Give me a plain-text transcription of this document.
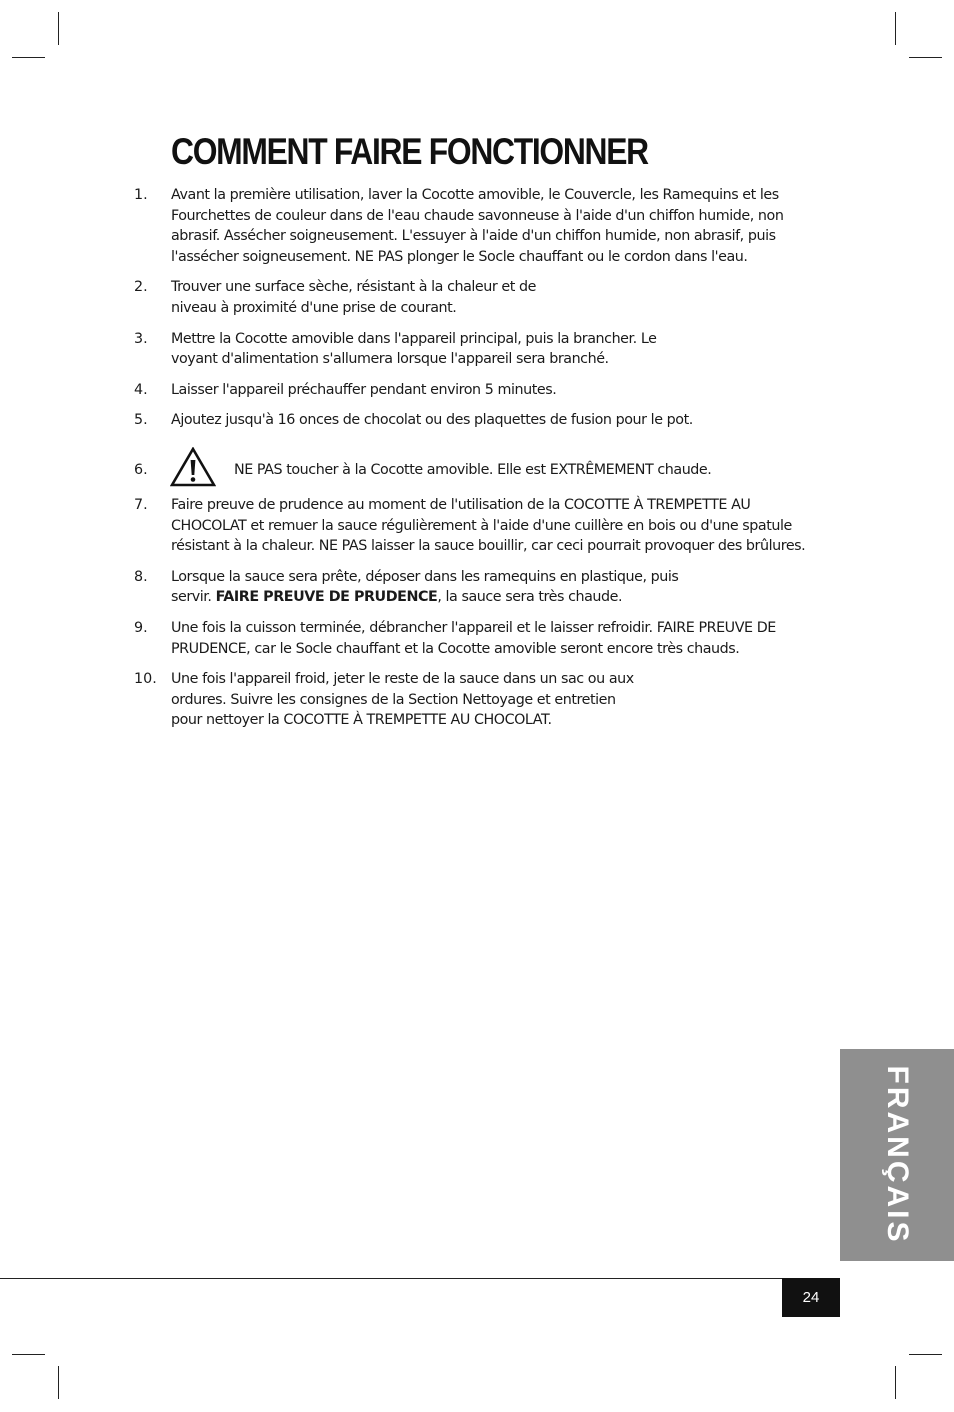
COMMENT FAIRE FONCTIONNER
1. Avant la première utilisation, laver la Cocotte amovible, le Couvercle, les Ramequins et les
Fourchettes de couleur dans de l'eau chaude savonneuse à l'aide d'un chiffon humide, non
abrasif. Assécher soigneusement. L'essuyer à l'aide d'un chiffon humide, non abrasif, puis
l'assécher soigneusement. NE PAS plonger le Socle chauffant ou le cordon dans l'eau.
2. Trouver une surface sèche, résistant à la chaleur et de
niveau à proximité d'une prise de courant.
3. Mettre la Cocotte amovible dans l'appareil principal, puis la brancher. Le
voyant d'alimentation s'allumera lorsque l'appareil sera branché.
4. Laisser l'appareil préchauffer pendant environ 5 minutes.
5. Ajoutez jusqu'à 16 onces de chocolat ou des plaquettes de fusion pour le pot.
6.	NE PAS toucher à la Cocotte amovible. Elle est EXTRÊMEMENT chaude.
7. Faire preuve de prudence au moment de l'utilisation de la COCOTTE À TREMPETTE AU
CHOCOLAT et remuer la sauce régulièrement à l'aide d'une cuillère en bois ou d'une spatule
résistant à la chaleur. NE PAS laisser la sauce bouillir, car ceci pourrait provoquer des brûlures.
8. Lorsque la sauce sera prête, déposer dans les ramequins en plastique, puis
servir. FAIRE PREUVE DE PRUDENCE, la sauce sera très chaude.
9. Une fois la cuisson terminée, débrancher l'appareil et le laisser refroidir. FAIRE PREUVE DE
PRUDENCE, car le Socle chauffant et la Cocotte amovible seront encore très chauds.
10. Une fois l'appareil froid, jeter le reste de la sauce dans un sac ou aux
ordures. Suivre les consignes de la Section Nettoyage et entretien
pour nettoyer la COCOTTE À TREMPETTE AU CHOCOLAT.
FRANÇAIS
24
